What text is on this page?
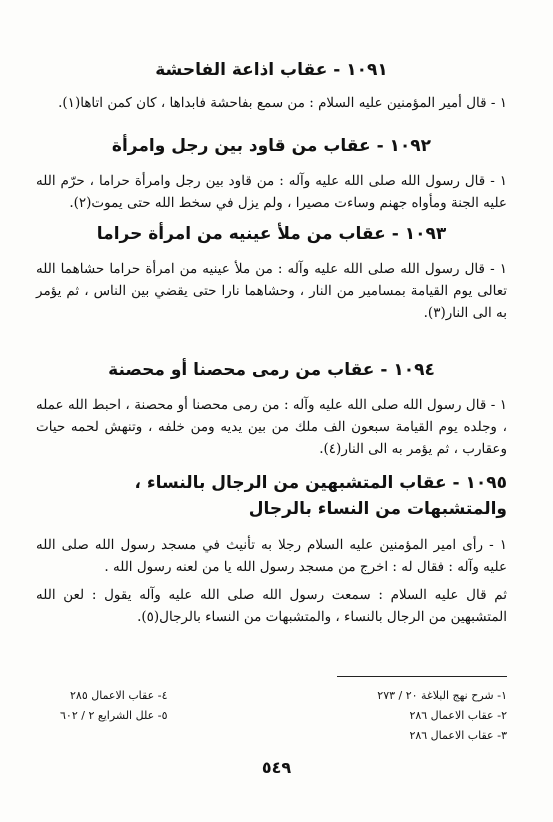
١٠٩١ - عقاب اذاعة الفاحشة

١ - قال أمير المؤمنين عليه السلام : من سمع بفاحشة فابداها ، كان كمن اتاها(١).

١٠٩٢ - عقاب من قاود بين رجل وامرأة

١ - قال رسول الله صلى الله عليه وآله : من قاود بين رجل وامرأة حراما ، حرّم الله عليه الجنة ومأواه جهنم وساءت مصيرا ، ولم يزل في سخط الله حتى يموت(٢).

١٠٩٣ - عقاب من ملأ عينيه من امرأة حراما

١ - قال رسول الله صلى الله عليه وآله : من ملأ عينيه من امرأة حراما حشاهما الله تعالى يوم القيامة بمسامير من النار ، وحشاهما نارا حتى يقضي بين الناس ، ثم يؤمر به الى النار(٣).

١٠٩٤ - عقاب من رمى محصنا أو محصنة

١ - قال رسول الله صلى الله عليه وآله : من رمى محصنا أو محصنة ، احبط الله عمله ، وجلده يوم القيامة سبعون الف ملك من بين يديه ومن خلفه ، وتنهش لحمه حيات وعقارب ، ثم يؤمر به الى النار(٤).

١٠٩٥ - عقاب المتشبهين من الرجال بالنساء ، والمتشبهات من النساء بالرجال

١ - رأى امير المؤمنين عليه السلام رجلا به تأنيث في مسجد رسول الله صلى الله عليه وآله : فقال له : اخرج من مسجد رسول الله يا من لعنه رسول الله .

ثم قال عليه السلام : سمعت رسول الله صلى الله عليه وآله يقول : لعن الله المتشبهين من الرجال بالنساء ، والمتشبهات من النساء بالرجال(٥).

١- شرح نهج البلاغة ٢٠ / ٢٧٣
٢- عقاب الاعمال ٢٨٦
٣- عقاب الاعمال ٢٨٦
٤- عقاب الاعمال ٢٨٥
٥- علل الشرايع ٢ / ٦٠٢
٥٤٩
